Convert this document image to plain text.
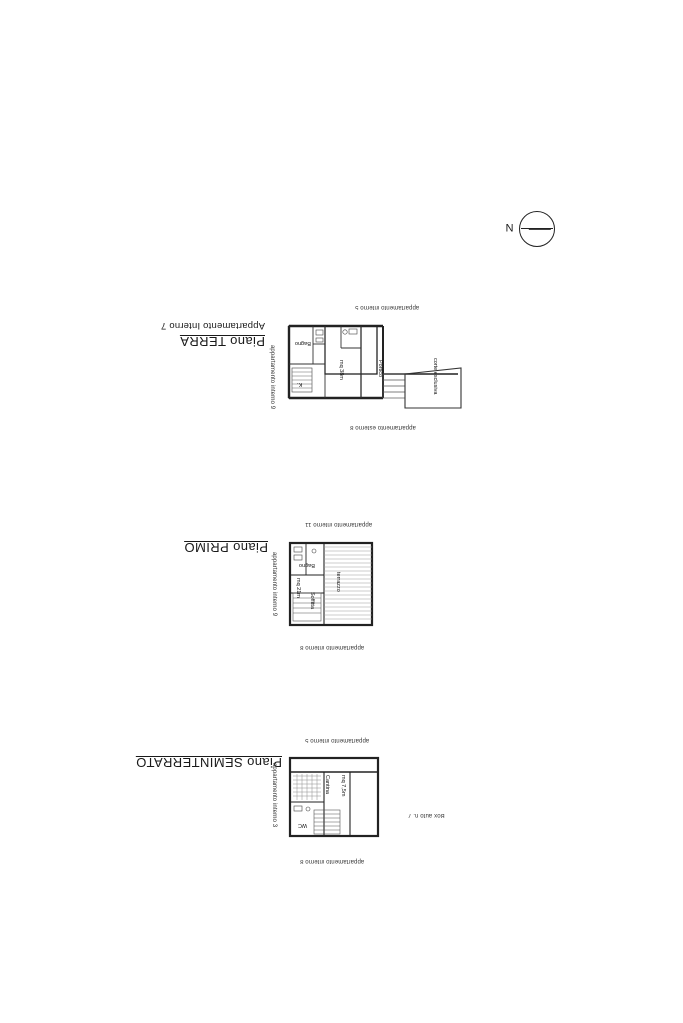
N
Piano TERRA
Appartamento Interno 7
appartamento interno 5
appartamento esterno 8
appartamento interno 9
Bagno
K.
mq 38m	Portico	corte esclusiva
Piano PRIMO
appartamento interno 11
appartamento interno 8
appartamento interno 9	Bagno
mq 21m
Soffitta
terrazzo
Piano SEMINTERRATO
appartamento interno 5
appartamento interno 8
appartamento interno 3	Box auto n. 7
WC
Cantina mq 7,5m
